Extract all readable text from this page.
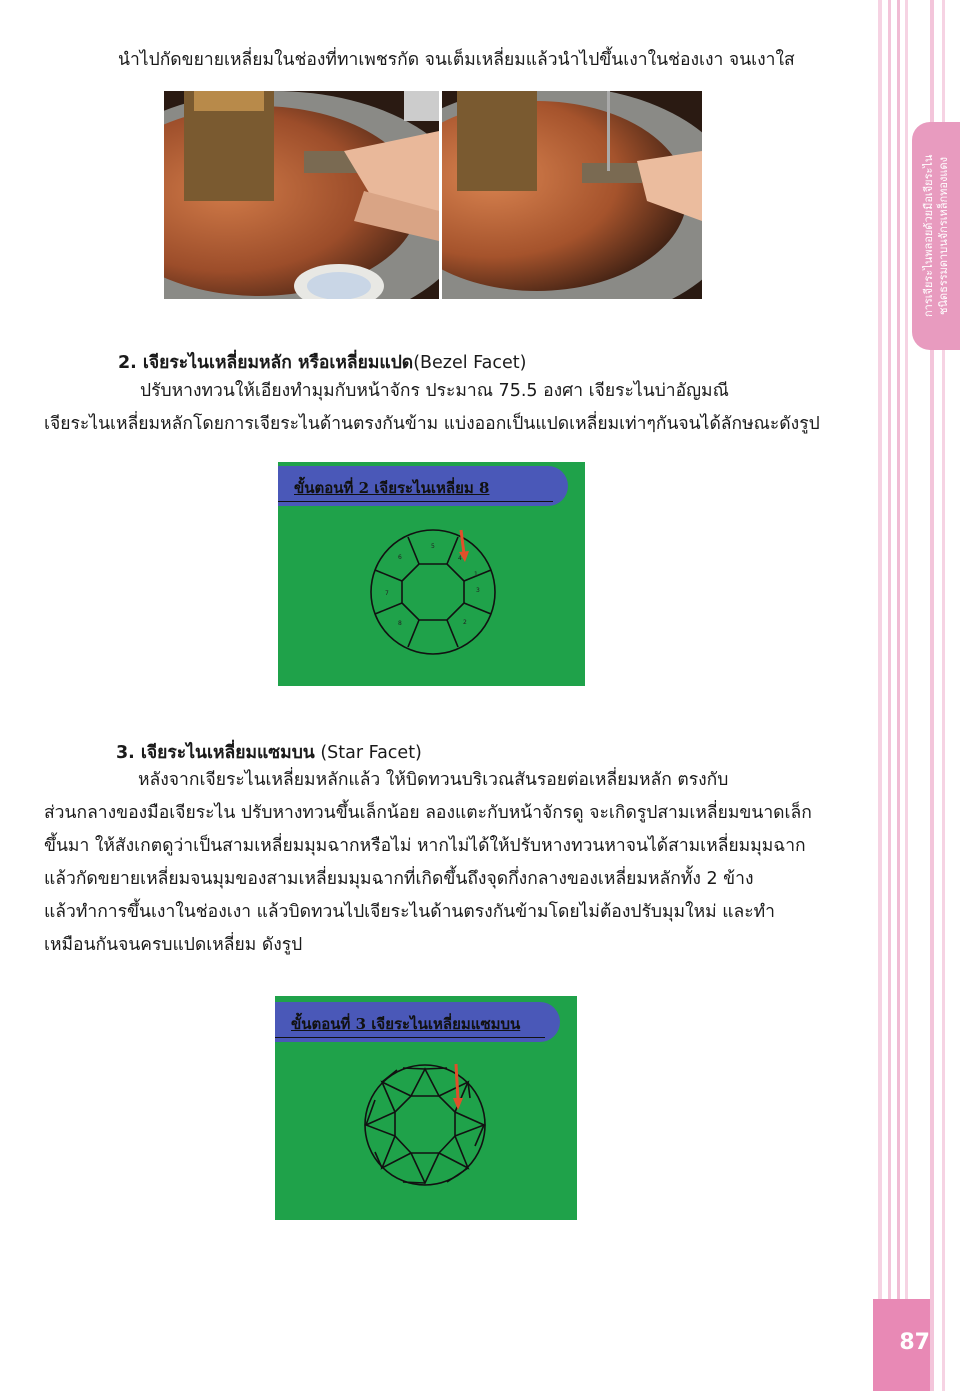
การเจียระไนพลอยด้วยมือเจียระไน ชนิดธรรมดาบนจักรเหล็กทองแดง
นำไปกัดขยายเหลี่ยมในช่องที่ทาเพชรกัด จนเต็มเหลี่ยมแล้วนำไปขึ้นเงาในช่องเงา จนเงาใส
2. เจียระไนเหลี่ยมหลัก หรือเหลี่ยมแปด(Bezel Facet)
ปรับหางทวนให้เอียงทำมุมกับหน้าจักร ประมาณ 75.5 องศา เจียระไนบ่าอัญมณี
เจียระไนเหลี่ยมหลักโดยการเจียระไนด้านตรงกันข้าม แบ่งออกเป็นแปดเหลี่ยมเท่าๆกันจนได้ลักษณะดังรูป
ขั้นตอนที่ 2 เจียระไนเหลี่ยม 8
5
4
1
6
3
7
8	2
3. เจียระไนเหลี่ยมแซมบน (Star Facet)
หลังจากเจียระไนเหลี่ยมหลักแล้ว ให้บิดทวนบริเวณสันรอยต่อเหลี่ยมหลัก ตรงกับ
ส่วนกลางของมือเจียระไน ปรับหางทวนขึ้นเล็กน้อย ลองแตะกับหน้าจักรดู จะเกิดรูปสามเหลี่ยมขนาดเล็ก
ขึ้นมา ให้สังเกตดูว่าเป็นสามเหลี่ยมมุมฉากหรือไม่ หากไม่ได้ให้ปรับหางทวนหาจนได้สามเหลี่ยมมุมฉาก
แล้วกัดขยายเหลี่ยมจนมุมของสามเหลี่ยมมุมฉากที่เกิดขึ้นถึงจุดกึ่งกลางของเหลี่ยมหลักทั้ง 2 ข้าง
แล้วทำการขึ้นเงาในช่องเงา แล้วบิดทวนไปเจียระไนด้านตรงกันข้ามโดยไม่ต้องปรับมุมใหม่ และทำ
เหมือนกันจนครบแปดเหลี่ยม ดังรูป
ขั้นตอนที่ 3 เจียระไนเหลี่ยมแซมบน
87
